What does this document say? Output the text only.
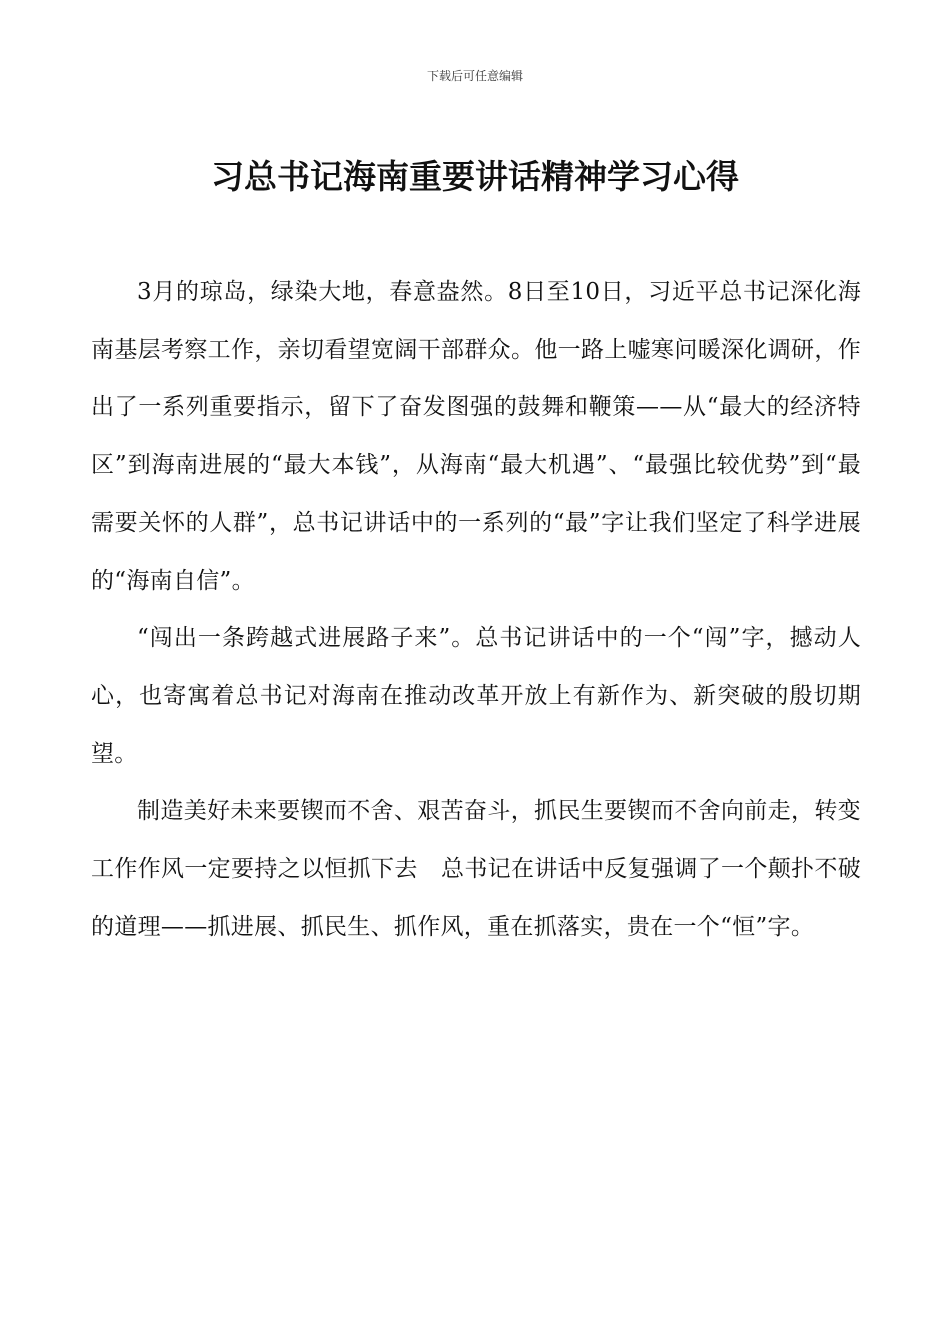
下载后可任意编辑
习总书记海南重要讲话精神学习心得

3月的琼岛，绿染大地，春意盎然。8日至10日，习近平总书记深化海南基层考察工作，亲切看望宽阔干部群众。他一路上嘘寒问暖深化调研，作出了一系列重要指示，留下了奋发图强的鼓舞和鞭策——从“最大的经济特区”到海南进展的“最大本钱”，从海南“最大机遇”、“最强比较优势”到“最需要关怀的人群”，总书记讲话中的一系列的“最”字让我们坚定了科学进展的“海南自信”。

“闯出一条跨越式进展路子来”。总书记讲话中的一个“闯”字，撼动人心，也寄寓着总书记对海南在推动改革开放上有新作为、新突破的殷切期望。

制造美好未来要锲而不舍、艰苦奋斗，抓民生要锲而不舍向前走，转变工作作风一定要持之以恒抓下去　总书记在讲话中反复强调了一个颠扑不破的道理——抓进展、抓民生、抓作风，重在抓落实，贵在一个“恒”字。
